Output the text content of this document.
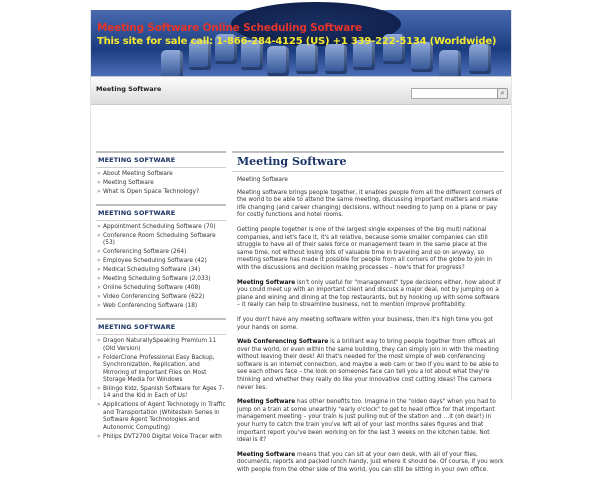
Meeting Software Online Scheduling Software
This site for sale call: 1-866-284-4125 (US) +1 339-222-5134 (Worldwide)
Meeting Software	⌕
MEETING SOFTWARE
» About Meeting Software
» Meeting Software
» What Is Open Space Technology?
MEETING SOFTWARE
» Appointment Scheduling Software (70)
» Conference Room Scheduling Software (53)
» Conferencing Software (264)
» Employee Scheduling Software (42)
» Medical Scheduling Software (34)
» Meeting Scheduling Software (2,033)
» Online Scheduling Software (408)
» Video Conferencing Software (622)
» Web Conferencing Software (18)
MEETING SOFTWARE
» Dragon NaturallySpeaking Premium 11 (Old Version)
» FolderClone Professional Easy Backup, Synchronization, Replication, and Mirroring of Important Files on Most Storage Media for Windows
» Bilingo Kidz, Spanish Software for Ages 7-14 and the Kid in Each of Us!
» Applications of Agent Technology in Traffic and Transportation (Whitestein Series in Software Agent Technologies and Autonomic Computing)
» Philips DVT2700 Digital Voice Tracer with
Meeting Software

Meeting Software

Meeting software brings people together, it enables people from all the different corners of the world to be able to attend the same meeting, discussing important matters and make life changing (and career changing) decisions, without needing to jump on a plane or pay for costly functions and hotel rooms.

Getting people together is one of the largest single expenses of the big multi national companies, and let's face it, it's all relative, because some smaller companies can still struggle to have all of their sales force or management team in the same place at the same time, not without losing lots of valuable time in traveling and so on anyway, so meeting software has made it possible for people from all corners of the globe to join in with the discussions and decision making processes – how's that for progress?

Meeting Software isn't only useful for "management" type decisions either, how about if you could meet up with an important client and discuss a major deal, not by jumping on a plane and wining and dining at the top restaurants, but by hooking up with some software – it really can help to streamline business, not to mention improve profitability.

If you don't have any meeting software within your business, then it's high time you got your hands on some.

Web Conferencing Software is a brilliant way to bring people together from offices all over the world, or even within the same building, they can simply join in with the meeting without leaving their desk! All that's needed for the most simple of web conferencing software is an internet connection, and maybe a web cam or two if you want to be able to see each others face – the look on someones face can tell you a lot about what they're thinking and whether they really do like your innovative cost cutting ideas! The camera never lies.

Meeting Software has other benefits too. Imagine in the "olden days" when you had to jump on a train at some unearthly "early o'clock" to get to head office for that important management meeting – your train is just pulling out of the station and …it (oh dear!) in your hurry to catch the train you've left all of your last months sales figures and that important report you've been working on for the last 3 weeks on the kitchen table. Not ideal is it?

Meeting Software means that you can sit at your own desk, with all of your files, documents, reports and packed lunch handy, just where it should be. Of course, if you work with people from the other side of the world, you can still be sitting in your own office.
